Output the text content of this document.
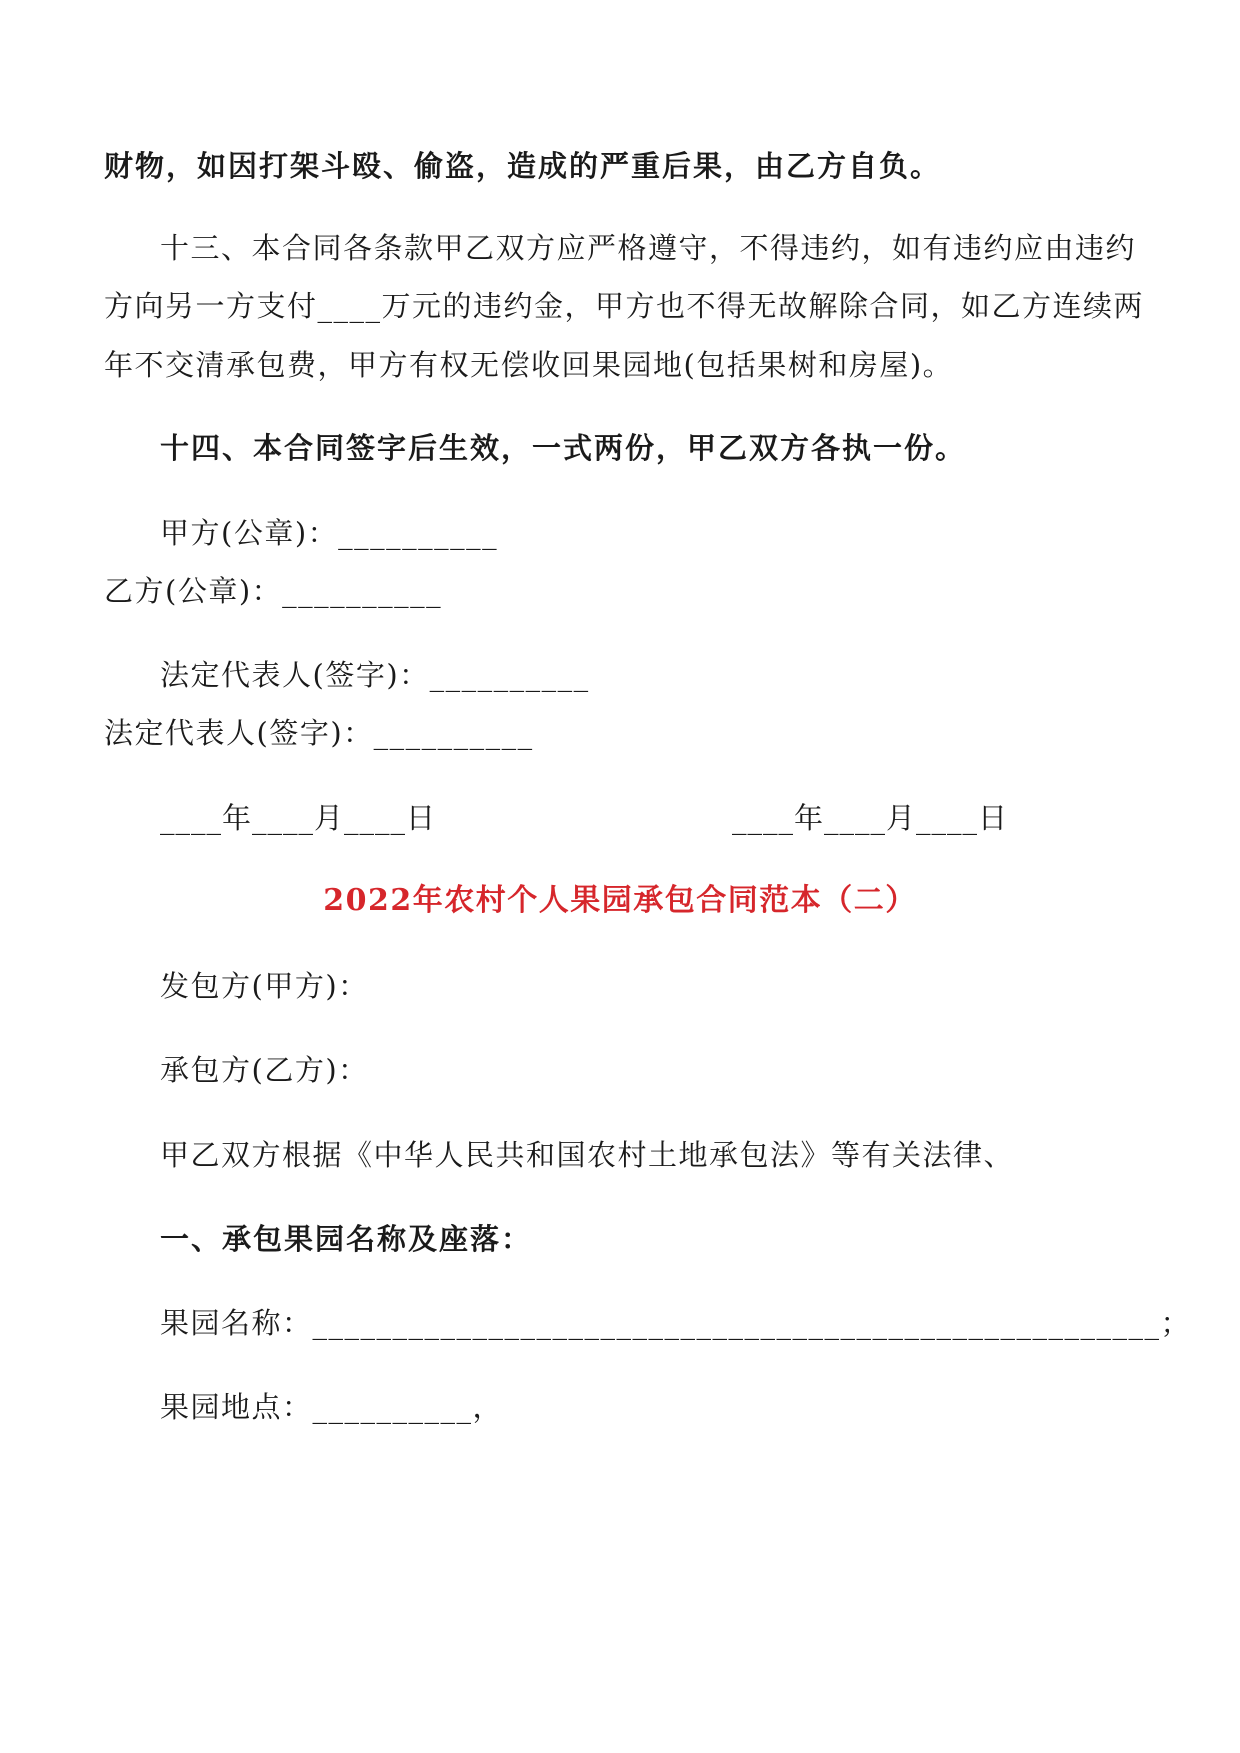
财物，如因打架斗殴、偷盗，造成的严重后果，由乙方自负。
十三、本合同各条款甲乙双方应严格遵守，不得违约，如有违约应由违约
方向另一方支付____万元的违约金，甲方也不得无故解除合同，如乙方连续两
年不交清承包费，甲方有权无偿收回果园地(包括果树和房屋)。
十四、本合同签字后生效，一式两份，甲乙双方各执一份。
甲方(公章)：__________
乙方(公章)：__________
法定代表人(签字)：__________
法定代表人(签字)：__________
____年____月____日	____年____月____日
2022年农村个人果园承包合同范本（二）
发包方(甲方)：
承包方(乙方)：
甲乙双方根据《中华人民共和国农村土地承包法》等有关法律、
一、承包果园名称及座落：
果园名称：_____________________________________________________；
果园地点：__________，
